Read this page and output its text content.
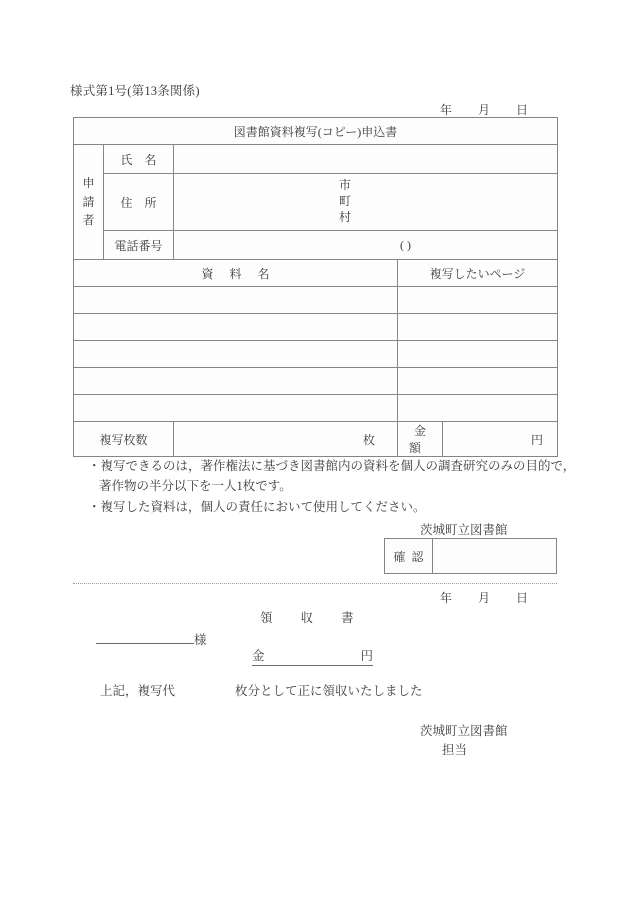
様式第1号(第13条関係)
年 月 日
図書館資料複写(コピー)申込書				

申
請
者	氏名			
	住所	市
町
村		

	電話番号	( )		

資料名			複写したいページ	

複写枚数		枚	金額	円
・複写できるのは，著作権法に基づき図書館内の資料を個人の調査研究のみの目的で，
著作物の半分以下を一人1枚です。
・複写した資料は，個人の責任において使用してください。
茨城町立図書館
確認	
年 月 日
領収書
様
金	円
上記，複写代	枚分として正に領収いたしました
茨城町立図書館
担当
